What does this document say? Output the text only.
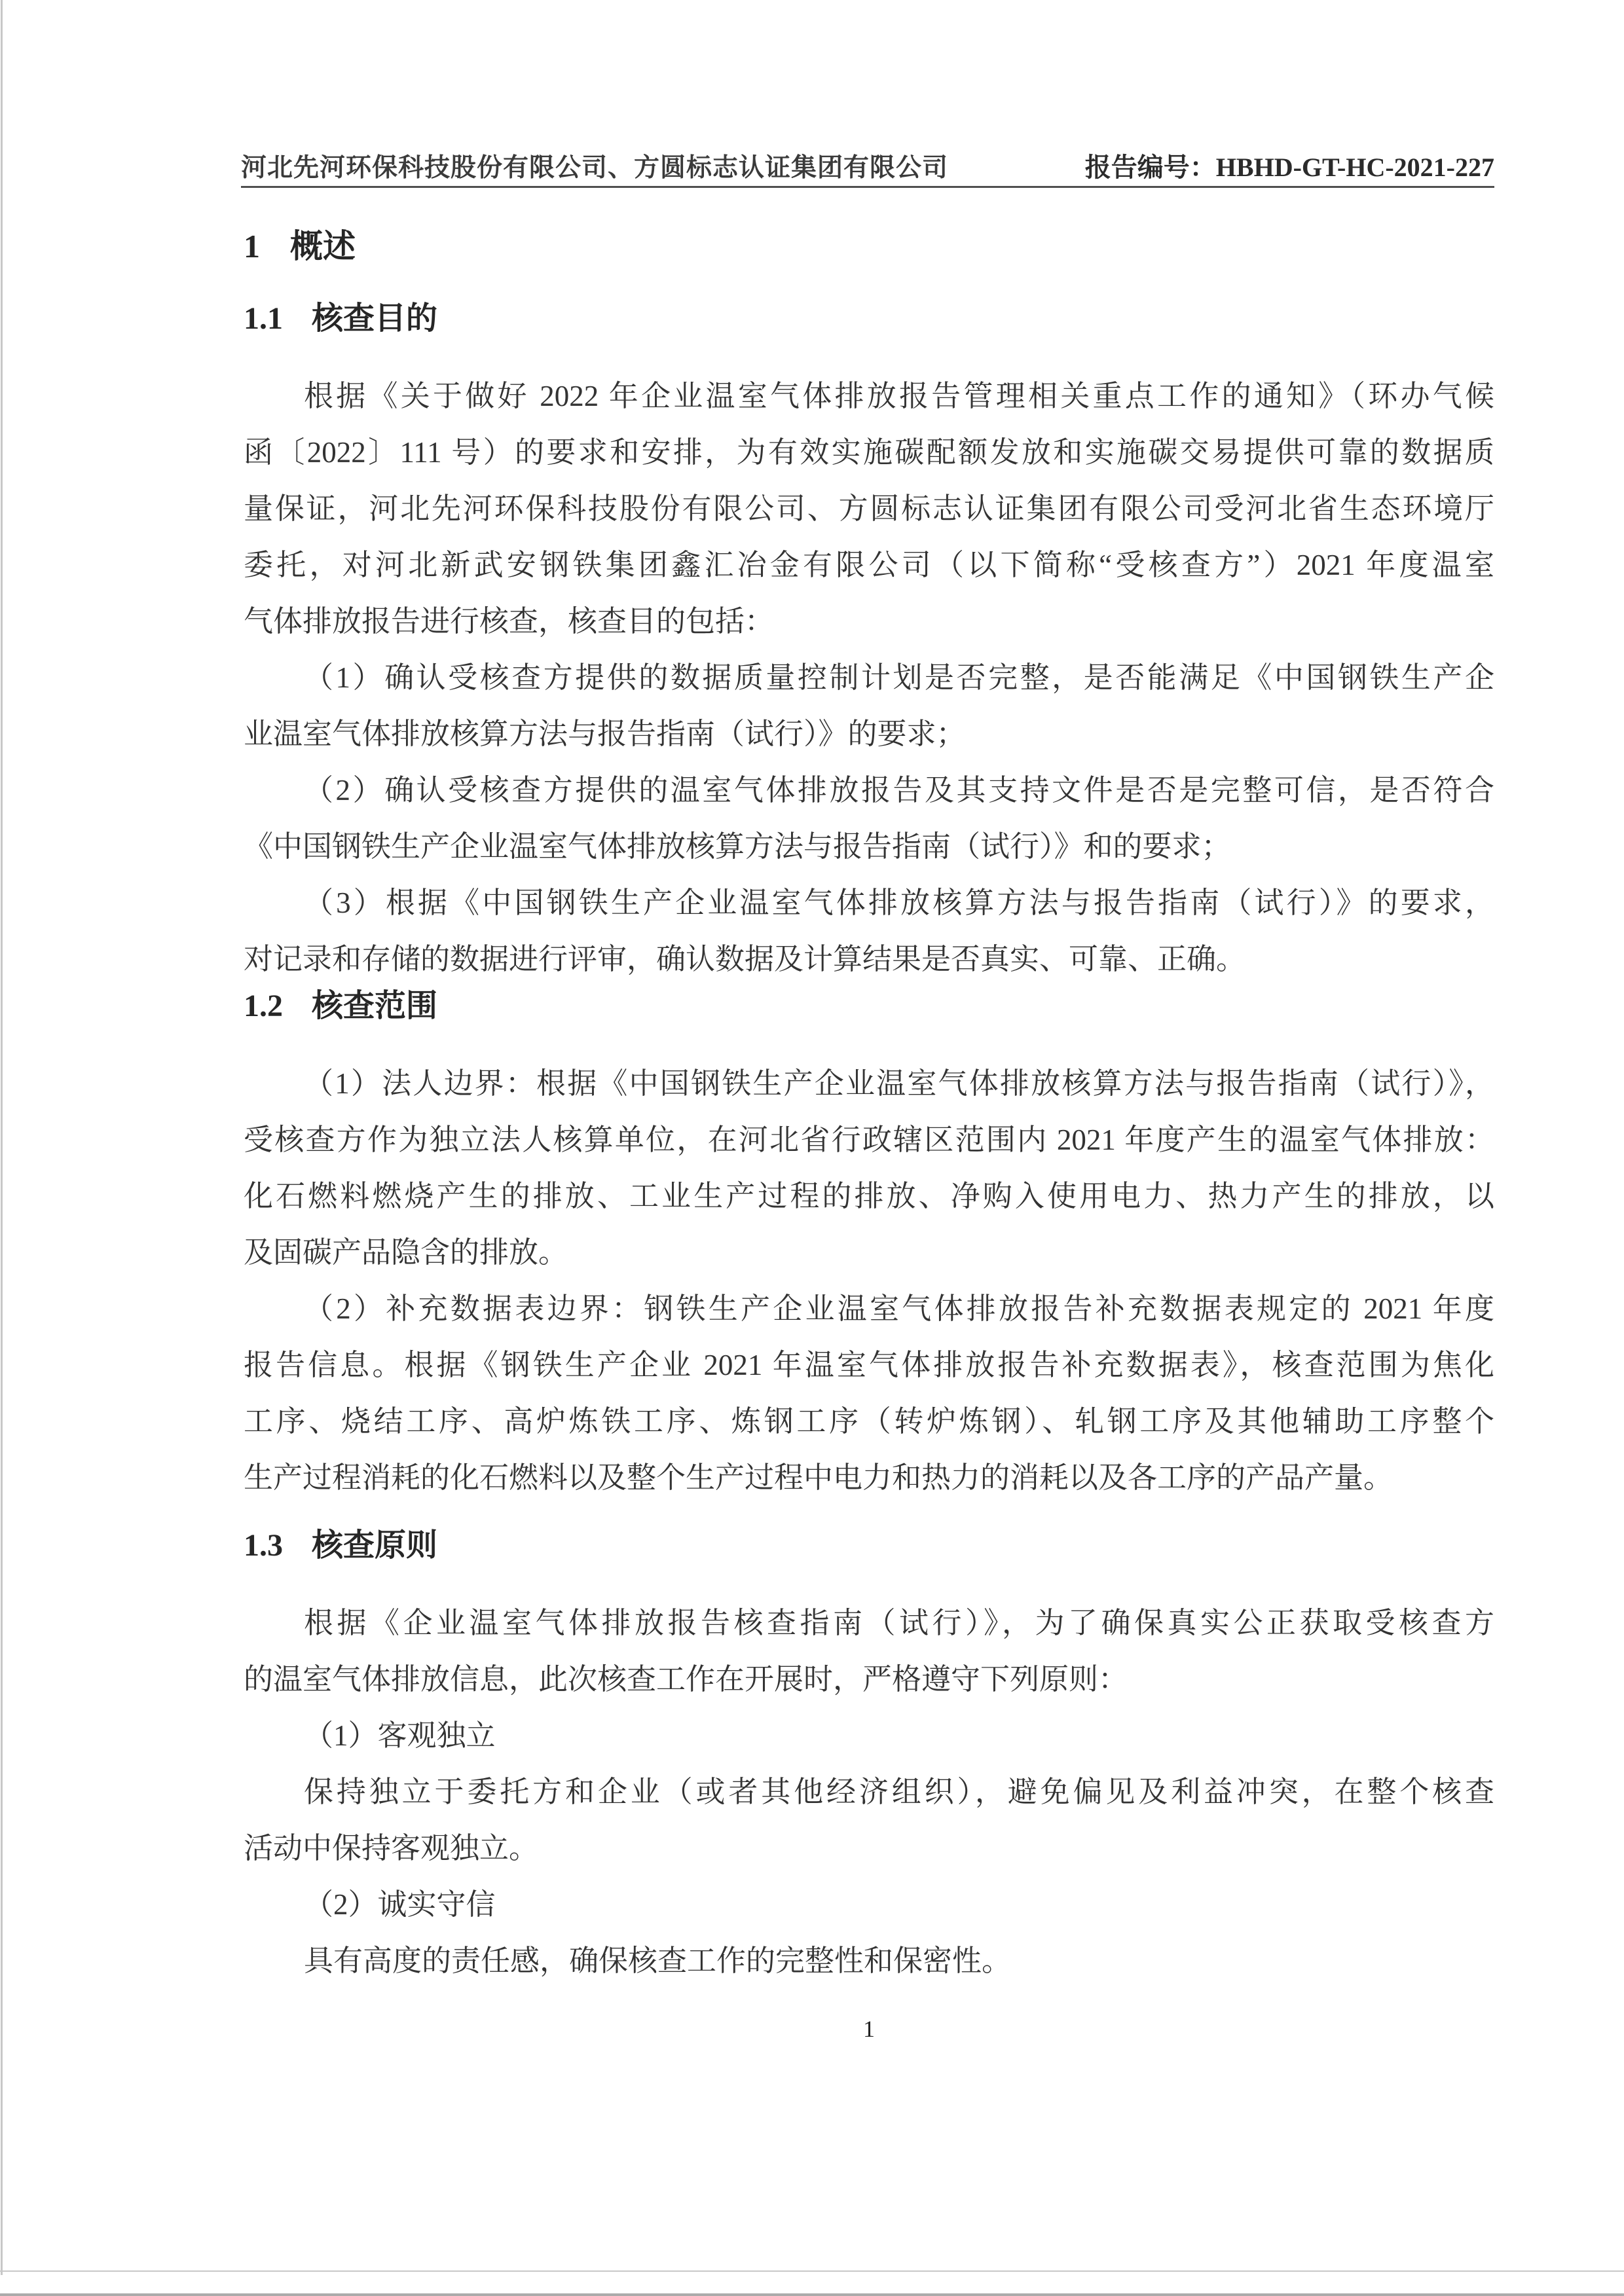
河北先河环保科技股份有限公司、方圆标志认证集团有限公司	报告编号：HBHD-GT-HC-2021-227
1 概述
1.1 核查目的
根据《关于做好 2022 年企业温室气体排放报告管理相关重点工作的通知》（环办气候
函〔2022〕111 号）的要求和安排，为有效实施碳配额发放和实施碳交易提供可靠的数据质
量保证，河北先河环保科技股份有限公司、方圆标志认证集团有限公司受河北省生态环境厅
委托，对河北新武安钢铁集团鑫汇冶金有限公司（以下简称“受核查方”）2021 年度温室
气体排放报告进行核查，核查目的包括：
（1）确认受核查方提供的数据质量控制计划是否完整，是否能满足《中国钢铁生产企
业温室气体排放核算方法与报告指南（试行）》的要求；
（2）确认受核查方提供的温室气体排放报告及其支持文件是否是完整可信，是否符合
《中国钢铁生产企业温室气体排放核算方法与报告指南（试行）》和的要求；
（3）根据《中国钢铁生产企业温室气体排放核算方法与报告指南（试行）》的要求，
对记录和存储的数据进行评审，确认数据及计算结果是否真实、可靠、正确。
1.2 核查范围
（1）法人边界：根据《中国钢铁生产企业温室气体排放核算方法与报告指南（试行）》，
受核查方作为独立法人核算单位，在河北省行政辖区范围内 2021 年度产生的温室气体排放：
化石燃料燃烧产生的排放、工业生产过程的排放、净购入使用电力、热力产生的排放，以
及固碳产品隐含的排放。
（2）补充数据表边界：钢铁生产企业温室气体排放报告补充数据表规定的 2021 年度
报告信息。根据《钢铁生产企业 2021 年温室气体排放报告补充数据表》，核查范围为焦化
工序、烧结工序、高炉炼铁工序、炼钢工序（转炉炼钢）、轧钢工序及其他辅助工序整个
生产过程消耗的化石燃料以及整个生产过程中电力和热力的消耗以及各工序的产品产量。
1.3 核查原则
根据《企业温室气体排放报告核查指南（试行）》，为了确保真实公正获取受核查方
的温室气体排放信息，此次核查工作在开展时，严格遵守下列原则：
（1）客观独立
保持独立于委托方和企业（或者其他经济组织），避免偏见及利益冲突，在整个核查
活动中保持客观独立。
（2）诚实守信
具有高度的责任感，确保核查工作的完整性和保密性。
1
